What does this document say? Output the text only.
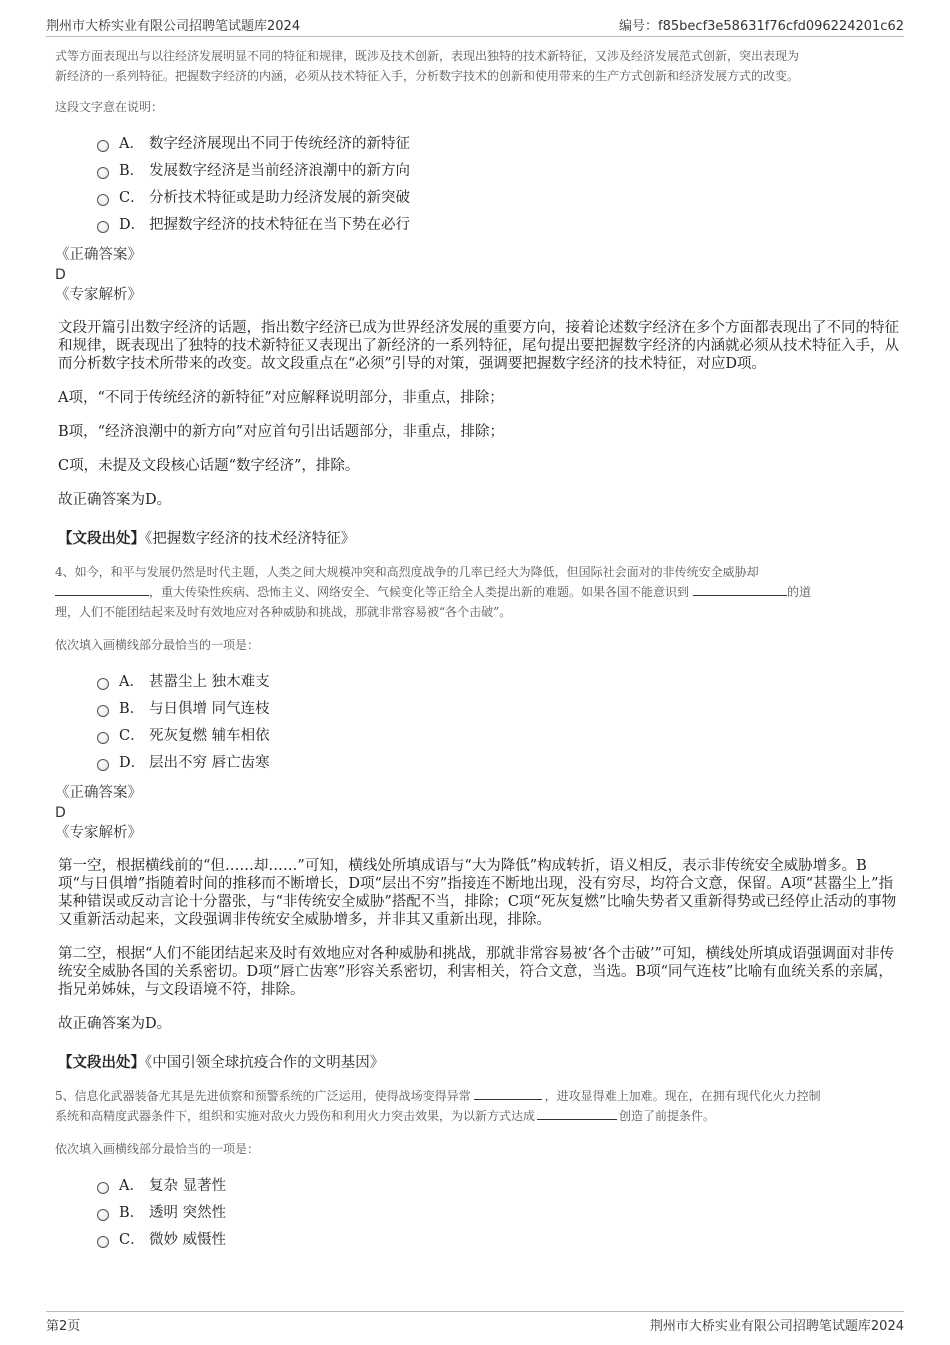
荆州市大桥实业有限公司招聘笔试题库2024	编号：f85becf3e58631f76cfd096224201c62
式等方面表现出与以往经济发展明显不同的特征和规律，既涉及技术创新，表现出独特的技术新特征，又涉及经济发展范式创新，突出表现为
新经济的一系列特征。把握数字经济的内涵，必须从技术特征入手，分析数字技术的创新和使用带来的生产方式创新和经济发展方式的改变。
这段文字意在说明：
A． 数字经济展现出不同于传统经济的新特征
B． 发展数字经济是当前经济浪潮中的新方向
C． 分析技术特征或是助力经济发展的新突破
D． 把握数字经济的技术特征在当下势在必行
《正确答案》
D
《专家解析》
文段开篇引出数字经济的话题，指出数字经济已成为世界经济发展的重要方向，接着论述数字经济在多个方面都表现出了不同的特征和规律，既表现出了独特的技术新特征又表现出了新经济的一系列特征，尾句提出要把握数字经济的内涵就必须从技术特征入手，从而分析数字技术所带来的改变。故文段重点在“必须”引导的对策，强调要把握数字经济的技术特征，对应D项。
A项，“不同于传统经济的新特征”对应解释说明部分，非重点，排除；
B项，“经济浪潮中的新方向”对应首句引出话题部分，非重点，排除；
C项，未提及文段核心话题“数字经济”，排除。
故正确答案为D。
【文段出处】《把握数字经济的技术经济特征》
4、如今，和平与发展仍然是时代主题，人类之间大规模冲突和高烈度战争的几率已经大为降低，但国际社会面对的非传统安全威胁却
，重大传染性疾病、恐怖主义、网络安全、气候变化等正给全人类提出新的难题。如果各国不能意识到	的道
理，人们不能团结起来及时有效地应对各种威胁和挑战，那就非常容易被“各个击破”。
依次填入画横线部分最恰当的一项是：
A． 甚嚣尘上 独木难支
B． 与日俱增 同气连枝
C． 死灰复燃 辅车相依
D． 层出不穷 唇亡齿寒
《正确答案》
D
《专家解析》
第一空，根据横线前的“但……却……”可知，横线处所填成语与“大为降低”构成转折，语义相反，表示非传统安全威胁增多。B项“与日俱增”指随着时间的推移而不断增长，D项“层出不穷”指接连不断地出现，没有穷尽，均符合文意，保留。A项“甚嚣尘上”指某种错误或反动言论十分嚣张，与“非传统安全威胁”搭配不当，排除；C项“死灰复燃”比喻失势者又重新得势或已经停止活动的事物又重新活动起来，文段强调非传统安全威胁增多，并非其又重新出现，排除。
第二空，根据“人们不能团结起来及时有效地应对各种威胁和挑战，那就非常容易被‘各个击破’”可知，横线处所填成语强调面对非传统安全威胁各国的关系密切。D项“唇亡齿寒”形容关系密切，利害相关，符合文意，当选。B项“同气连枝”比喻有血统关系的亲属，指兄弟姊妹，与文段语境不符，排除。
故正确答案为D。
【文段出处】《中国引领全球抗疫合作的文明基因》
5、信息化武器装备尤其是先进侦察和预警系统的广泛运用，使得战场变得异常	，进攻显得难上加难。现在，在拥有现代化火力控制
系统和高精度武器条件下，组织和实施对敌火力毁伤和利用火力突击效果，为以新方式达成	创造了前提条件。
依次填入画横线部分最恰当的一项是：
A． 复杂 显著性
B． 透明 突然性
C． 微妙 威慑性
第2页	荆州市大桥实业有限公司招聘笔试题库2024
